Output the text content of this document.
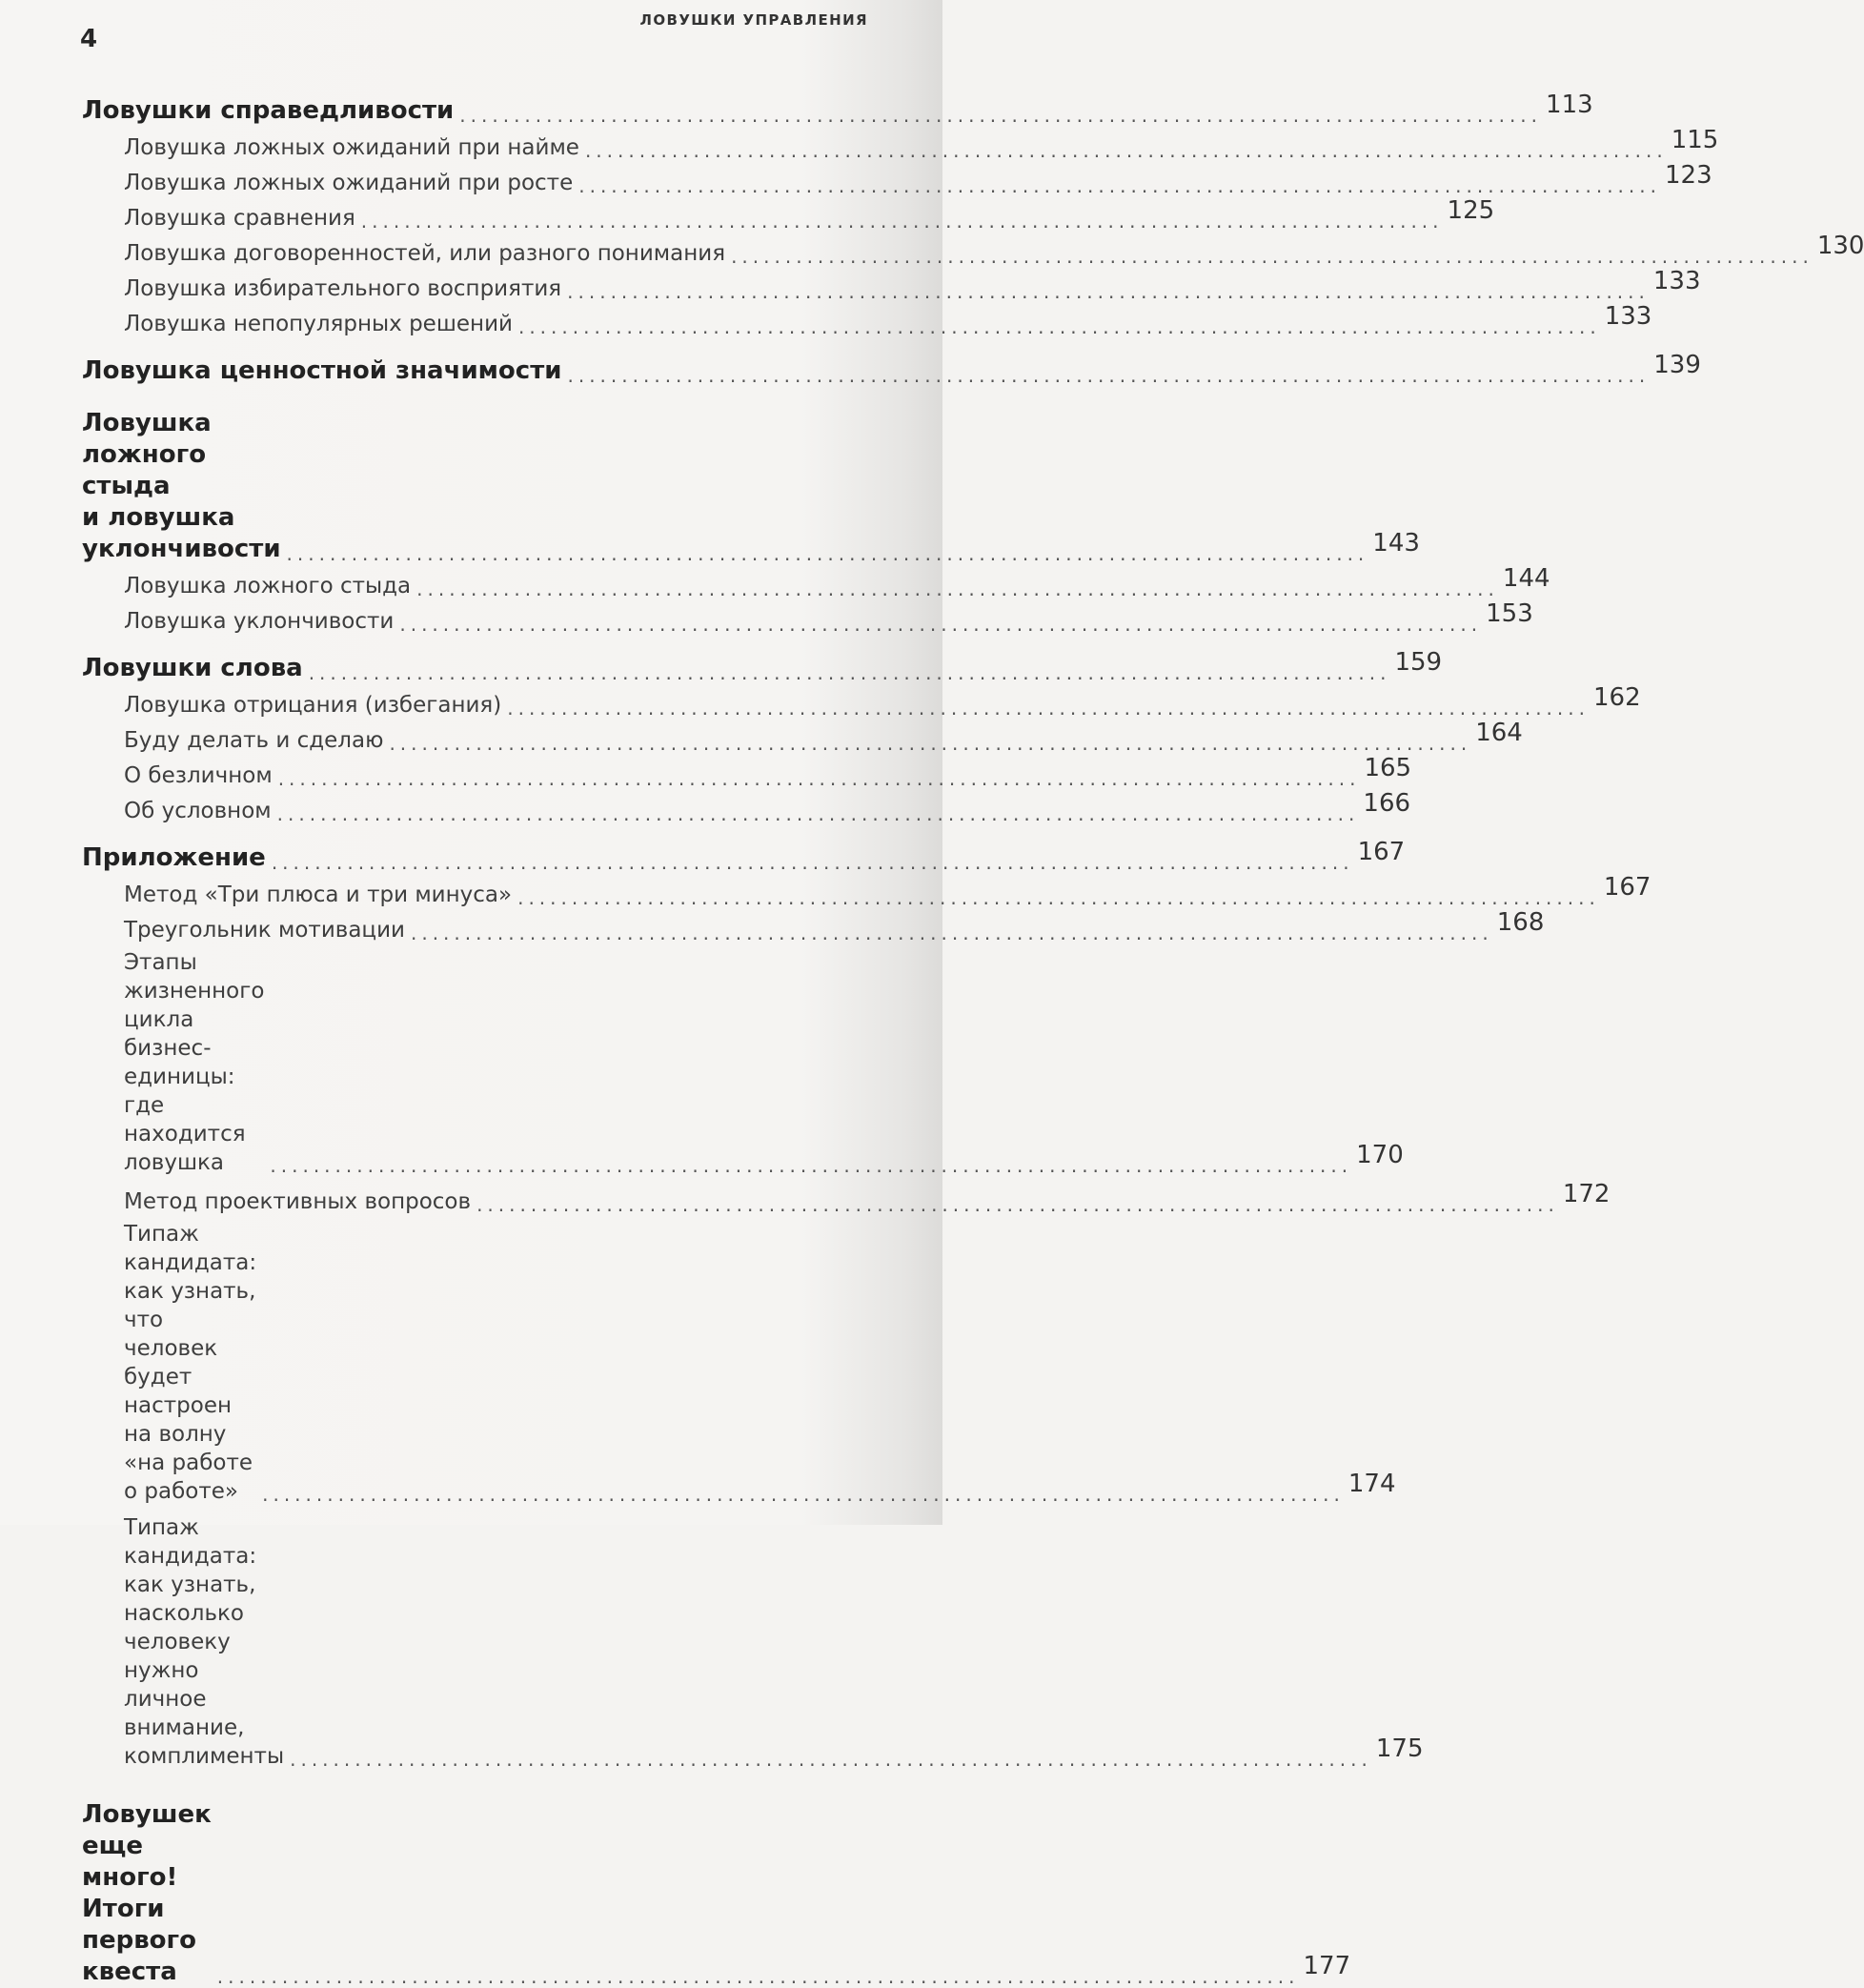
4
ЛОВУШКИ УПРАВЛЕНИЯ
Ловушки справедливости .................................................................................................... 113
Ловушка ложных ожиданий при найме .................................................................................................... 115
Ловушка ложных ожиданий при росте .................................................................................................... 123
Ловушка сравнения .................................................................................................... 125
Ловушка договоренностей, или разного понимания .................................................................................................... 130
Ловушка избирательного восприятия .................................................................................................... 133
Ловушка непопулярных решений .................................................................................................... 133
Ловушка ценностной значимости .................................................................................................... 139
Ловушка ложного стыда
и ловушка уклончивости .................................................................................................... 143
Ловушка ложного стыда .................................................................................................... 144
Ловушка уклончивости .................................................................................................... 153
Ловушки слова .................................................................................................... 159
Ловушка отрицания (избегания) .................................................................................................... 162
Буду делать и сделаю .................................................................................................... 164
О безличном .................................................................................................... 165
Об условном .................................................................................................... 166
Приложение .................................................................................................... 167
Метод «Три плюса и три минуса» .................................................................................................... 167
Треугольник мотивации .................................................................................................... 168
Этапы жизненного цикла бизнес-единицы:
где находится ловушка	.................................................................................................... 170
Метод проективных вопросов .................................................................................................... 172
Типаж кандидата: как узнать, что человек
будет настроен на волну «на работе о работе»	.................................................................................................... 174
Типаж кандидата: как узнать, насколько
человеку нужно личное внимание, комплименты .................................................................................................... 175
Ловушек еще много!
Итоги первого квеста	.................................................................................................... 177
